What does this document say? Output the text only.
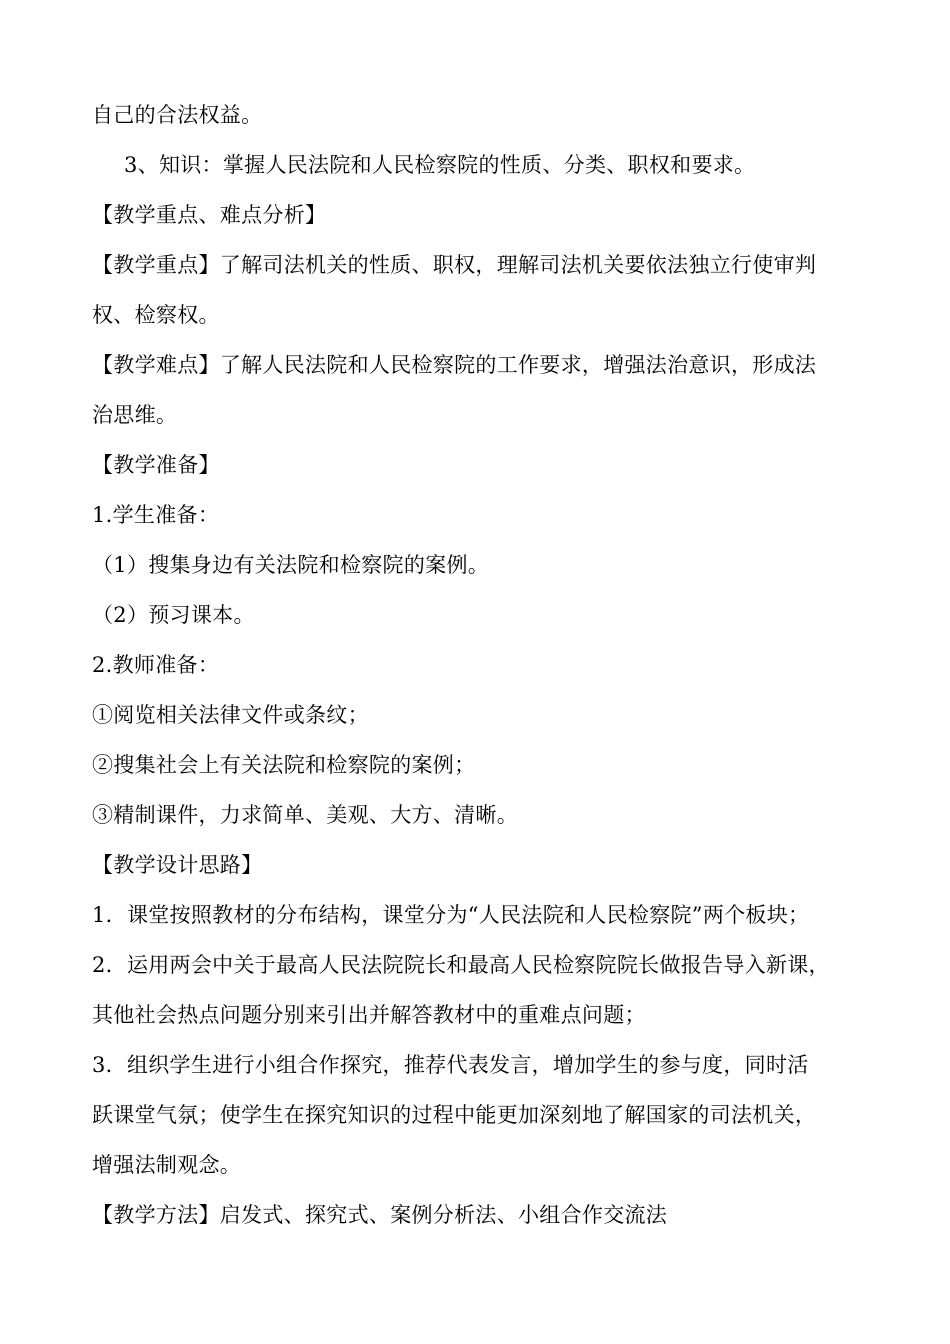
自己的合法权益。
3、知识：掌握人民法院和人民检察院的性质、分类、职权和要求。
【教学重点、难点分析】
【教学重点】了解司法机关的性质、职权，理解司法机关要依法独立行使审判
权、检察权。
【教学难点】了解人民法院和人民检察院的工作要求，增强法治意识，形成法
治思维。
【教学准备】
1.学生准备：
（1）搜集身边有关法院和检察院的案例。
（2）预习课本。
2.教师准备：
①阅览相关法律文件或条纹；
②搜集社会上有关法院和检察院的案例；
③精制课件，力求简单、美观、大方、清晰。
【教学设计思路】
1．课堂按照教材的分布结构，课堂分为“人民法院和人民检察院”两个板块；
2．运用两会中关于最高人民法院院长和最高人民检察院院长做报告导入新课，
其他社会热点问题分别来引出并解答教材中的重难点问题；
3．组织学生进行小组合作探究，推荐代表发言，增加学生的参与度，同时活
跃课堂气氛；使学生在探究知识的过程中能更加深刻地了解国家的司法机关，
增强法制观念。
【教学方法】启发式、探究式、案例分析法、小组合作交流法
